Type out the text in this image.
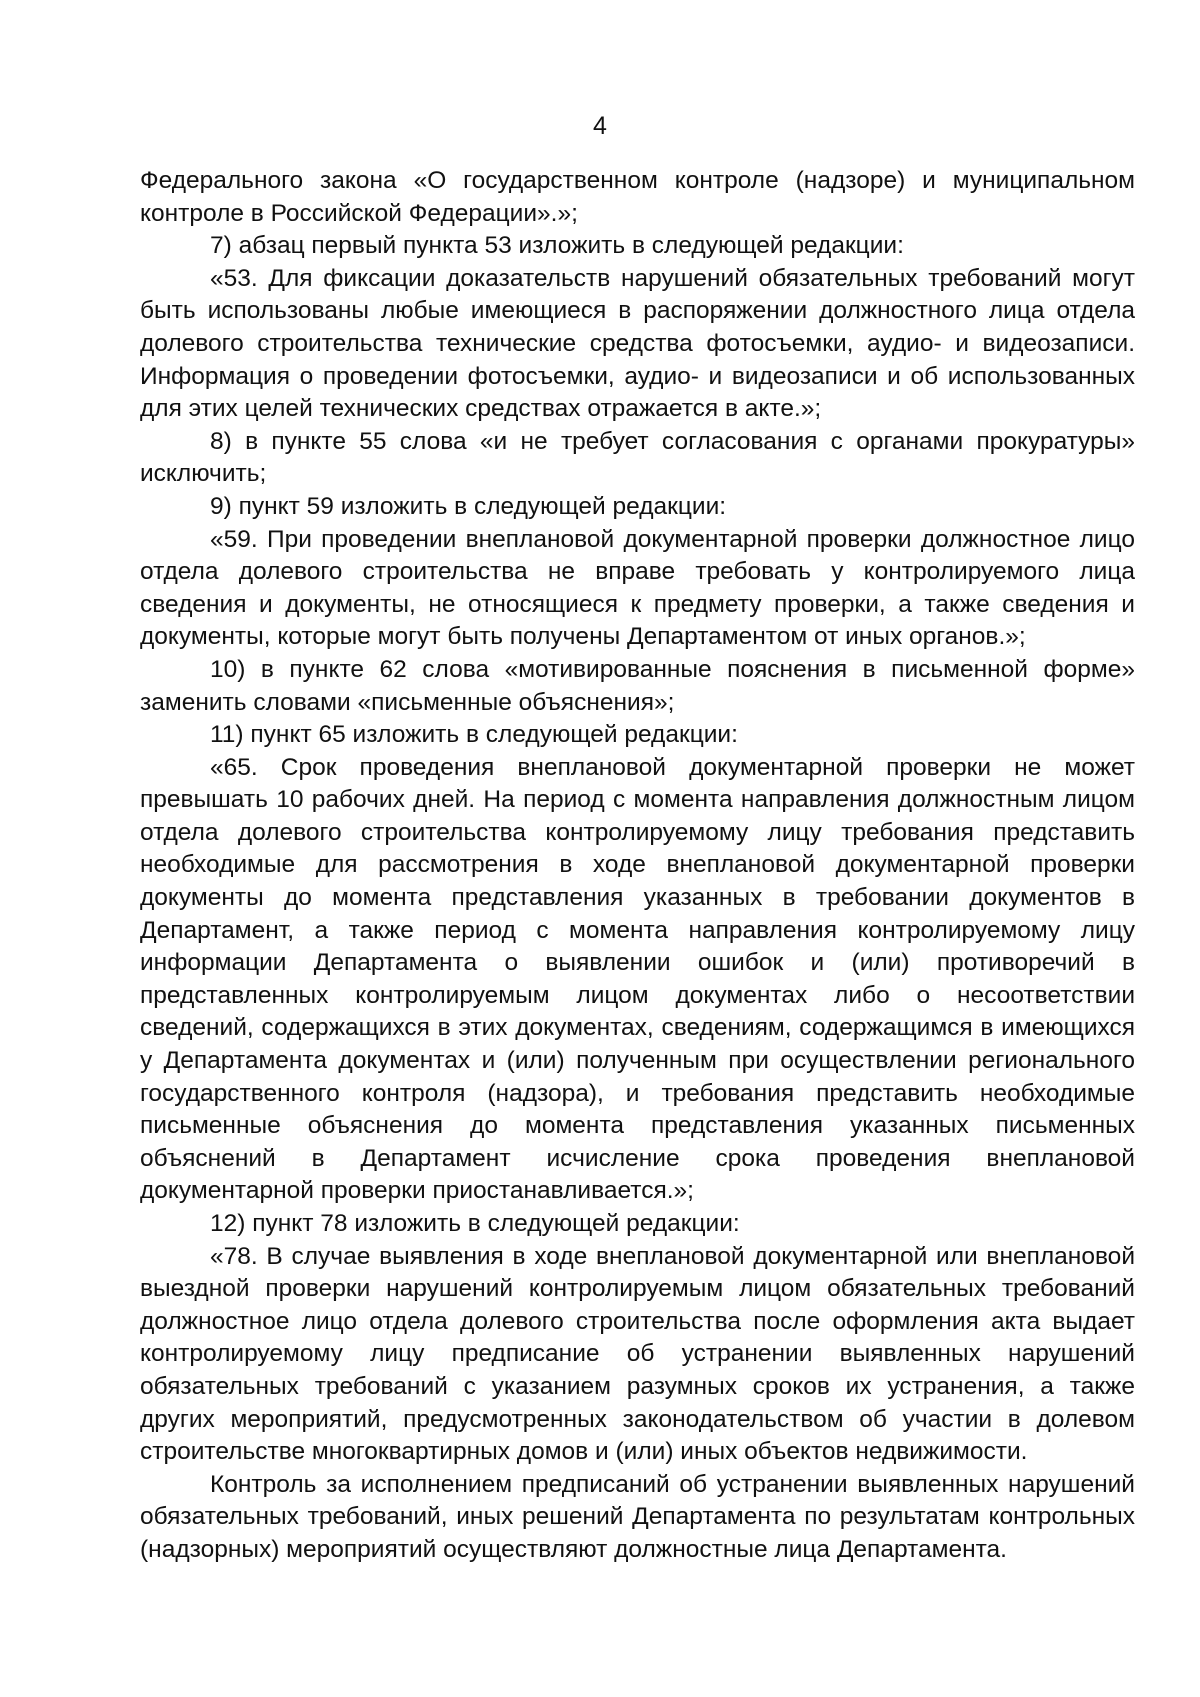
4

Федерального закона «О государственном контроле (надзоре) и муниципальном контроле в Российской Федерации».»;

7) абзац первый пункта 53 изложить в следующей редакции:

«53. Для фиксации доказательств нарушений обязательных требований могут быть использованы любые имеющиеся в распоряжении должностного лица отдела долевого строительства технические средства фотосъемки, аудио- и видеозаписи. Информация о проведении фотосъемки, аудио- и видеозаписи и об использованных для этих целей технических средствах отражается в акте.»;

8) в пункте 55 слова «и не требует согласования с органами прокуратуры» исключить;

9) пункт 59 изложить в следующей редакции:

«59. При проведении внеплановой документарной проверки должностное лицо отдела долевого строительства не вправе требовать у контролируемого лица сведения и документы, не относящиеся к предмету проверки, а также сведения и документы, которые могут быть получены Департаментом от иных органов.»;

10) в пункте 62 слова «мотивированные пояснения в письменной форме» заменить словами «письменные объяснения»;

11) пункт 65 изложить в следующей редакции:

«65. Срок проведения внеплановой документарной проверки не может превышать 10 рабочих дней. На период с момента направления должностным лицом отдела долевого строительства контролируемому лицу требования представить необходимые для рассмотрения в ходе внеплановой документарной проверки документы до момента представления указанных в требовании документов в Департамент, а также период с момента направления контролируемому лицу информации Департамента о выявлении ошибок и (или) противоречий в представленных контролируемым лицом документах либо о несоответствии сведений, содержащихся в этих документах, сведениям, содержащимся в имеющихся у Департамента документах и (или) полученным при осуществлении регионального государственного контроля (надзора), и требования представить необходимые письменные объяснения до момента представления указанных письменных объяснений в Департамент исчисление срока проведения внеплановой документарной проверки приостанавливается.»;

12) пункт 78 изложить в следующей редакции:

«78. В случае выявления в ходе внеплановой документарной или внеплановой выездной проверки нарушений контролируемым лицом обязательных требований должностное лицо отдела долевого строительства после оформления акта выдает контролируемому лицу предписание об устранении выявленных нарушений обязательных требований с указанием разумных сроков их устранения, а также других мероприятий, предусмотренных законодательством об участии в долевом строительстве многоквартирных домов и (или) иных объектов недвижимости.

Контроль за исполнением предписаний об устранении выявленных нарушений обязательных требований, иных решений Департамента по результатам контрольных (надзорных) мероприятий осуществляют должностные лица Департамента.
